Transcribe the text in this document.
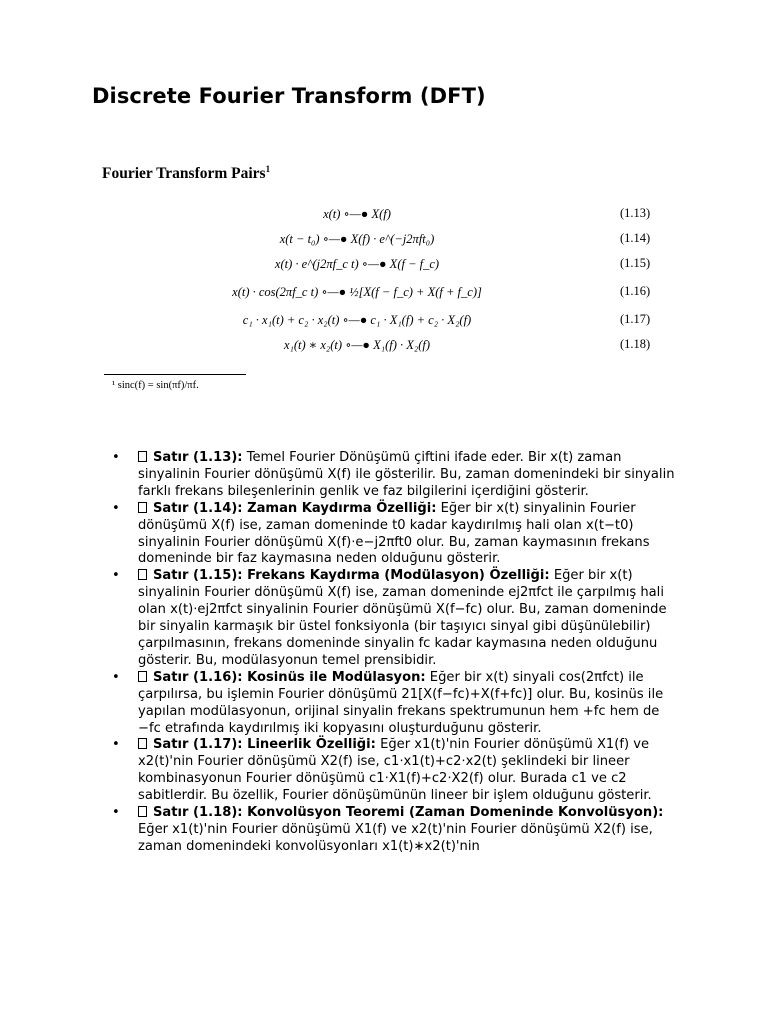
Discrete Fourier Transform (DFT)
Fourier Transform Pairs$^1$
x(t) ∘—● X(f)	(1.13)
x(t − t₀) ∘—● X(f) · e^(−j2πft₀)	(1.14)
x(t) · e^(j2πf_c t) ∘—● X(f − f_c)	(1.15)
x(t) · cos(2πf_c t) ∘—● ½[X(f − f_c) + X(f + f_c)]	(1.16)
c₁ · x₁(t) + c₂ · x₂(t) ∘—● c₁ · X₁(f) + c₂ · X₂(f)	(1.17)
x₁(t) ∗ x₂(t) ∘—● X₁(f) · X₂(f)	(1.18)
¹ sinc(f) = sin(πf)/πf.
•	Satır (1.13): Temel Fourier Dönüşümü çiftini ifade eder. Bir x(t) zaman sinyalinin Fourier dönüşümü X(f) ile gösterilir. Bu, zaman domenindeki bir sinyalin farklı frekans bileşenlerinin genlik ve faz bilgilerini içerdiğini gösterir.
•	Satır (1.14): Zaman Kaydırma Özelliği: Eğer bir x(t) sinyalinin Fourier dönüşümü X(f) ise, zaman domeninde t0 kadar kaydırılmış hali olan x(t−t0) sinyalinin Fourier dönüşümü X(f)⋅e−j2πft0 olur. Bu, zaman kaymasının frekans domeninde bir faz kaymasına neden olduğunu gösterir.
•	Satır (1.15): Frekans Kaydırma (Modülasyon) Özelliği: Eğer bir x(t) sinyalinin Fourier dönüşümü X(f) ise, zaman domeninde ej2πfct ile çarpılmış hali olan x(t)⋅ej2πfct sinyalinin Fourier dönüşümü X(f−fc) olur. Bu, zaman domeninde bir sinyalin karmaşık bir üstel fonksiyonla (bir taşıyıcı sinyal gibi düşünülebilir) çarpılmasının, frekans domeninde sinyalin fc kadar kaymasına neden olduğunu gösterir. Bu, modülasyonun temel prensibidir.
•	Satır (1.16): Kosinüs ile Modülasyon: Eğer bir x(t) sinyali cos(2πfct) ile çarpılırsa, bu işlemin Fourier dönüşümü 21[X(f−fc)+X(f+fc)] olur. Bu, kosinüs ile yapılan modülasyonun, orijinal sinyalin frekans spektrumunun hem +fc hem de −fc etrafında kaydırılmış iki kopyasını oluşturduğunu gösterir.
•	Satır (1.17): Lineerlik Özelliği: Eğer x1(t)'nin Fourier dönüşümü X1(f) ve x2(t)'nin Fourier dönüşümü X2(f) ise, c1⋅x1(t)+c2⋅x2(t) şeklindeki bir lineer kombinasyonun Fourier dönüşümü c1⋅X1(f)+c2⋅X2(f) olur. Burada c1 ve c2 sabitlerdir. Bu özellik, Fourier dönüşümünün lineer bir işlem olduğunu gösterir.
•	Satır (1.18): Konvolüsyon Teoremi (Zaman Domeninde Konvolüsyon): Eğer x1(t)'nin Fourier dönüşümü X1(f) ve x2(t)'nin Fourier dönüşümü X2(f) ise, zaman domenindeki konvolüsyonları x1(t)∗x2(t)'nin
